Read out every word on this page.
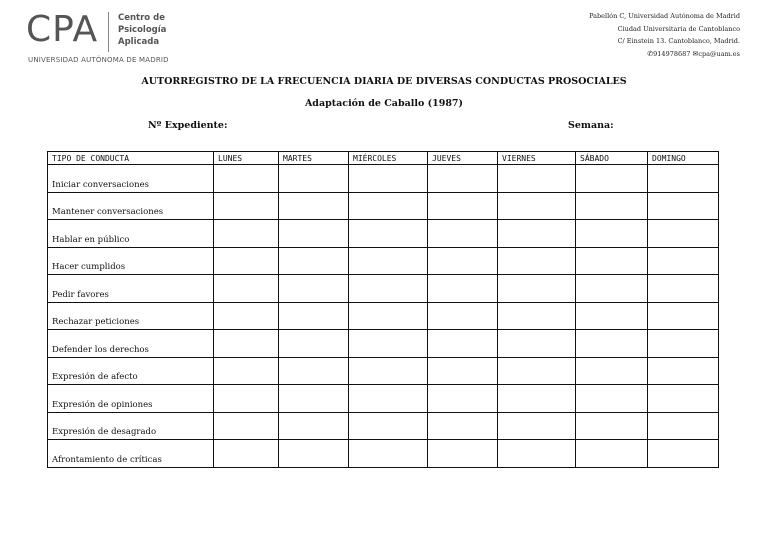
CPA Centro de
Psicología
Aplicada
UNIVERSIDAD AUTÓNOMA DE MADRID
Pabellón C, Universidad Autónoma de Madrid
Ciudad Universitaria de Cantoblanco
C/ Einstein 13. Cantoblanco, Madrid.
✆914978687 ✉cpa@uam.es
AUTORREGISTRO DE LA FRECUENCIA DIARIA DE DIVERSAS CONDUCTAS PROSOCIALES
Adaptación de Caballo (1987)
Nº Expediente:	Semana:
TIPO DE CONDUCTA	LUNES	MARTES	MIÉRCOLES	JUEVES	VIERNES	SÁBADO	DOMINGO
Iniciar conversaciones							
Mantener conversaciones							
Hablar en público							
Hacer cumplidos							
Pedir favores							
Rechazar peticiones							
Defender los derechos							
Expresión de afecto							
Expresión de opiniones							
Expresión de desagrado							
Afrontamiento de críticas							
